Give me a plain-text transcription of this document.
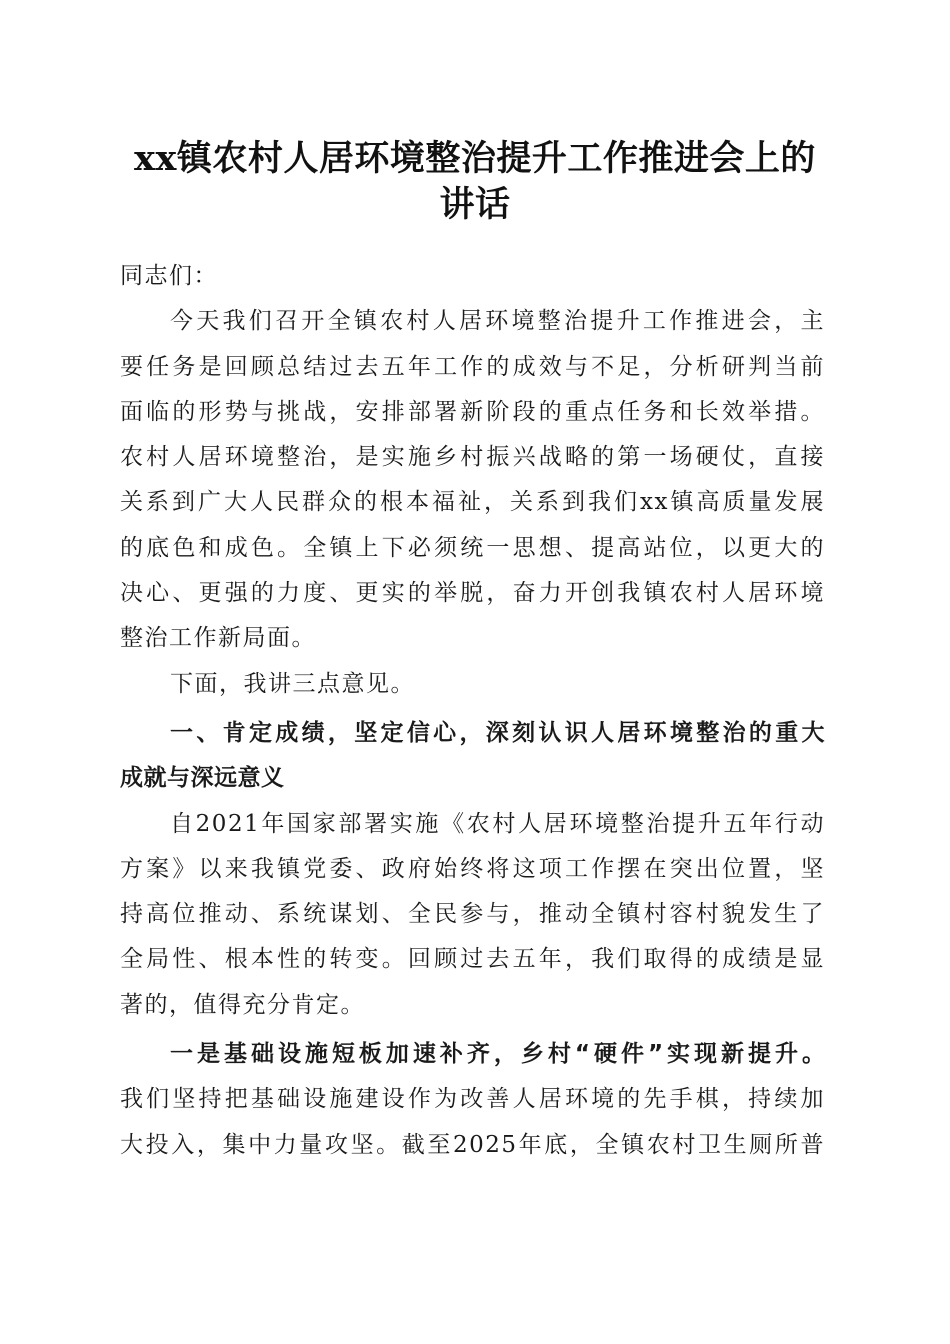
xx镇农村人居环境整治提升工作推进会上的
讲话
同志们：
今天我们召开全镇农村人居环境整治提升工作推进会，主
要任务是回顾总结过去五年工作的成效与不足，分析研判当前
面临的形势与挑战，安排部署新阶段的重点任务和长效举措。
农村人居环境整治，是实施乡村振兴战略的第一场硬仗，直接
关系到广大人民群众的根本福祉，关系到我们xx镇高质量发展
的底色和成色。全镇上下必须统一思想、提高站位，以更大的
决心、更强的力度、更实的举脱，奋力开创我镇农村人居环境
整治工作新局面。
下面，我讲三点意见。
一、肯定成绩，坚定信心，深刻认识人居环境整治的重大
成就与深远意义
自2021年国家部署实施《农村人居环境整治提升五年行动
方案》以来我镇党委、政府始终将这项工作摆在突出位置，坚
持高位推动、系统谋划、全民参与，推动全镇村容村貌发生了
全局性、根本性的转变。回顾过去五年，我们取得的成绩是显
著的，值得充分肯定。
一是基础设施短板加速补齐，乡村“硬件”实现新提升。
我们坚持把基础设施建设作为改善人居环境的先手棋，持续加
大投入，集中力量攻坚。截至2025年底，全镇农村卫生厕所普
